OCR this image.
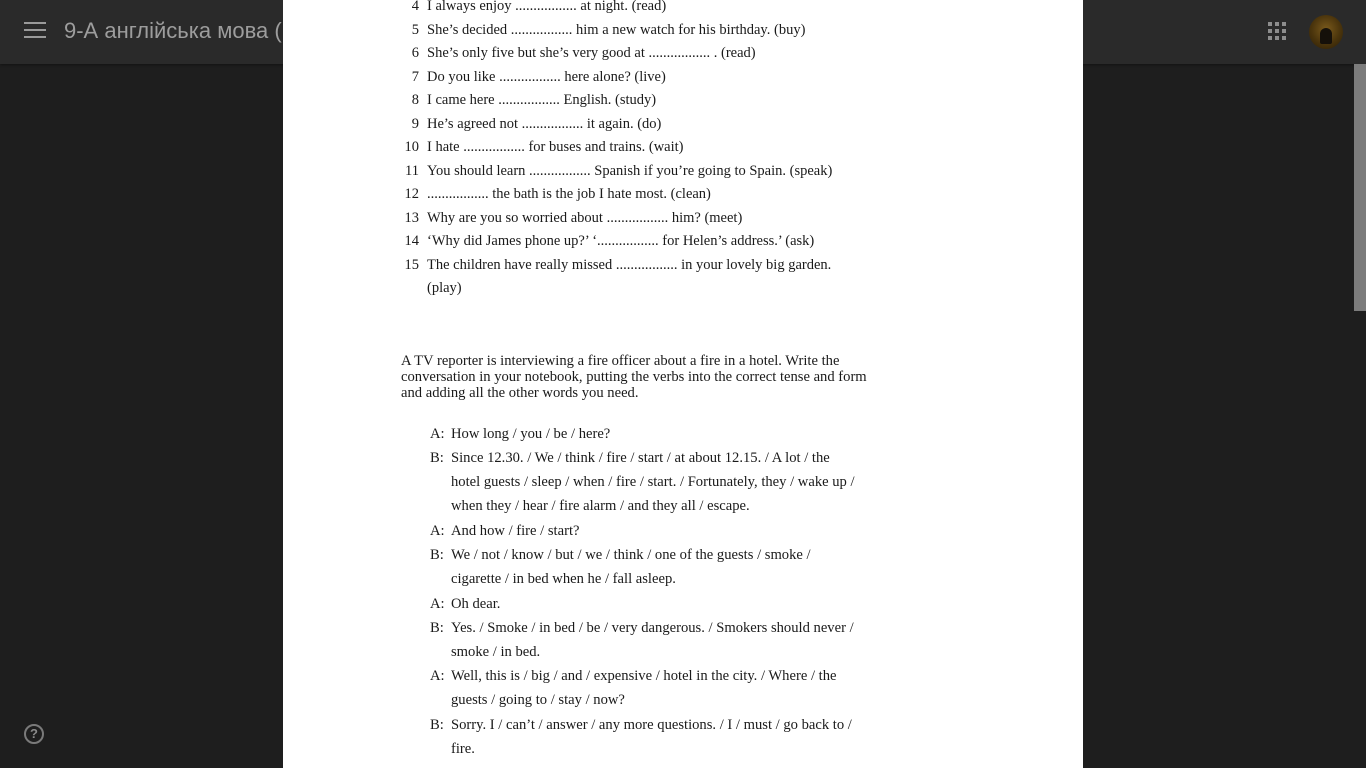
9-А англійська мова (
?
4 I always enjoy ................. at night. (read)
5 She’s decided ................. him a new watch for his birthday. (buy)
6 She’s only five but she’s very good at ................. . (read)
7 Do you like ................. here alone? (live)
8 I came here ................. English. (study)
9 He’s agreed not ................. it again. (do)
10 I hate ................. for buses and trains. (wait)
11 You should learn ................. Spanish if you’re going to Spain. (speak)
12 ................. the bath is the job I hate most. (clean)
13 Why are you so worried about ................. him? (meet)
14 ‘Why did James phone up?’ ‘................. for Helen’s address.’ (ask)
15 The children have really missed ................. in your lovely big garden.
(play)
A TV reporter is interviewing a fire officer about a fire in a hotel. Write the
conversation in your notebook, putting the verbs into the correct tense and form
and adding all the other words you need.
A: How long / you / be / here?
B: Since 12.30. / We / think / fire / start / at about 12.15. / A lot / the
hotel guests / sleep / when / fire / start. / Fortunately, they / wake up /
when they / hear / fire alarm / and they all / escape.
A: And how / fire / start?
B: We / not / know / but / we / think / one of the guests / smoke /
cigarette / in bed when he / fall asleep.
A: Oh dear.
B: Yes. / Smoke / in bed / be / very dangerous. / Smokers should never /
smoke / in bed.
A: Well, this is / big / and / expensive / hotel in the city. / Where / the
guests / going to / stay / now?
B: Sorry. I / can’t / answer / any more questions. / I / must / go back to /
fire.
